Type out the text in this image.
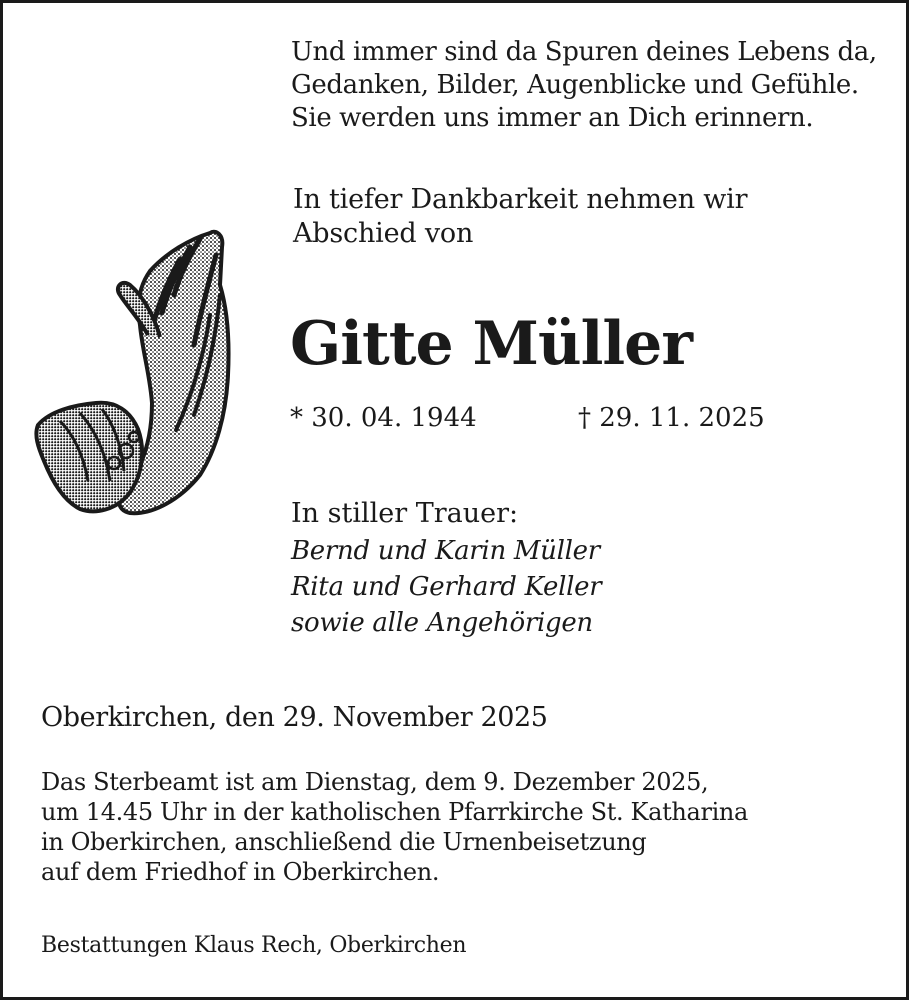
Und immer sind da Spuren deines Lebens da,
Gedanken, Bilder, Augenblicke und Gefühle.
Sie werden uns immer an Dich erinnern.
In tiefer Dankbarkeit nehmen wir
Abschied von
Gitte Müller
* 30. 04. 1944	† 29. 11. 2025
In stiller Trauer:
Bernd und Karin Müller
Rita und Gerhard Keller
sowie alle Angehörigen
Oberkirchen, den 29. November 2025
Das Sterbeamt ist am Dienstag, dem 9. Dezember 2025,
um 14.45 Uhr in der katholischen Pfarrkirche St. Katharina
in Oberkirchen, anschließend die Urnenbeisetzung
auf dem Friedhof in Oberkirchen.
Bestattungen Klaus Rech, Oberkirchen
